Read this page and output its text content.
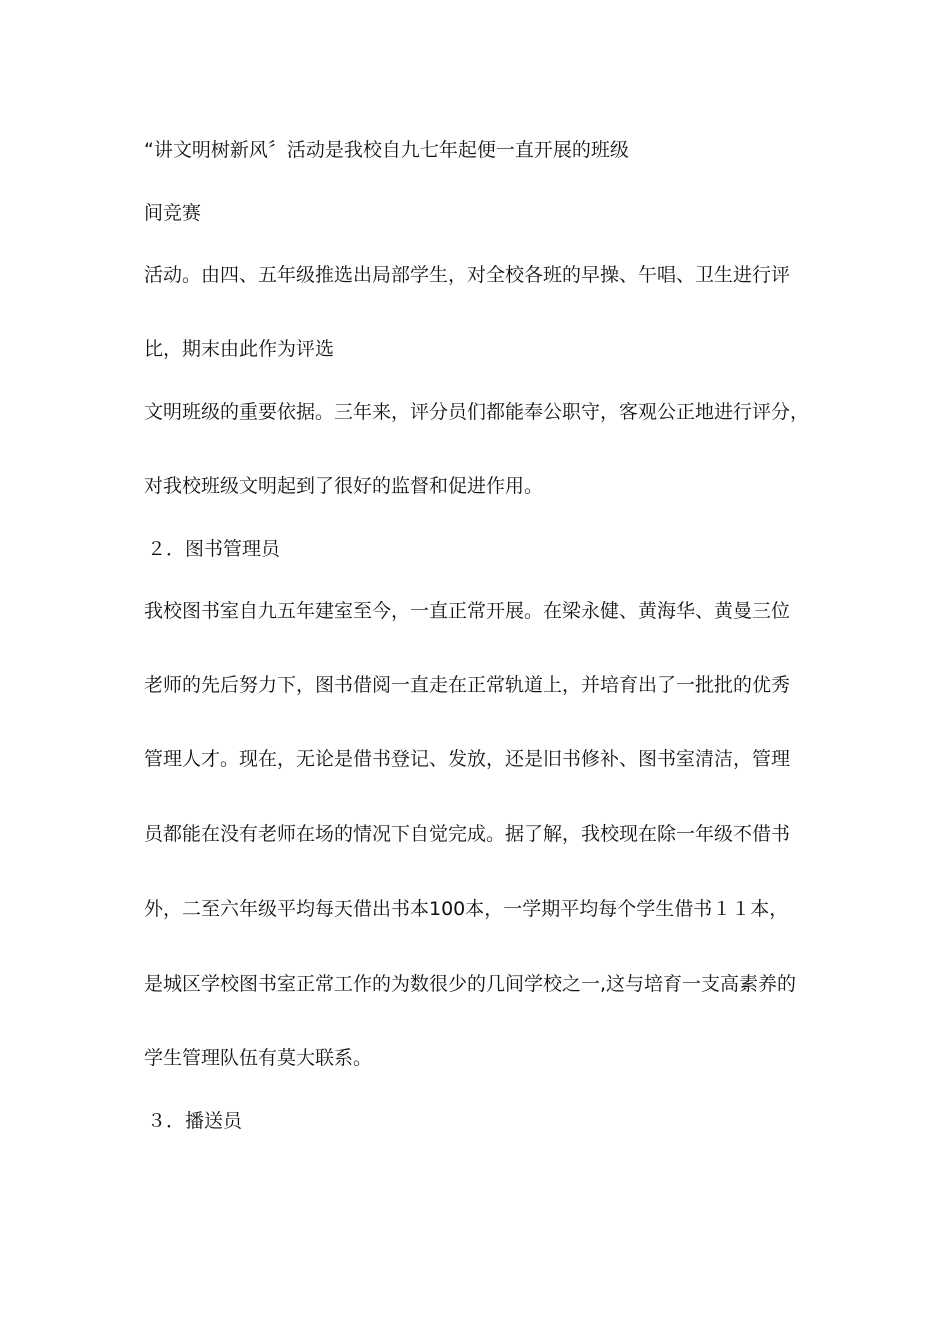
“讲文明树新风〞活动是我校自九七年起便一直开展的班级
间竞赛
活动。由四、五年级推选出局部学生，对全校各班的早操、午唱、卫生进行评
比，期末由此作为评选
文明班级的重要依据。三年来，评分员们都能奉公职守，客观公正地进行评分，
对我校班级文明起到了很好的监督和促进作用。
２．图书管理员
我校图书室自九五年建室至今，一直正常开展。在梁永健、黄海华、黄曼三位
老师的先后努力下，图书借阅一直走在正常轨道上，并培育出了一批批的优秀
管理人才。现在，无论是借书登记、发放，还是旧书修补、图书室清洁，管理
员都能在没有老师在场的情况下自觉完成。据了解，我校现在除一年级不借书
外，二至六年级平均每天借出书本100本，一学期平均每个学生借书１１本，
是城区学校图书室正常工作的为数很少的几间学校之一,这与培育一支高素养的
学生管理队伍有莫大联系。
３．播送员
